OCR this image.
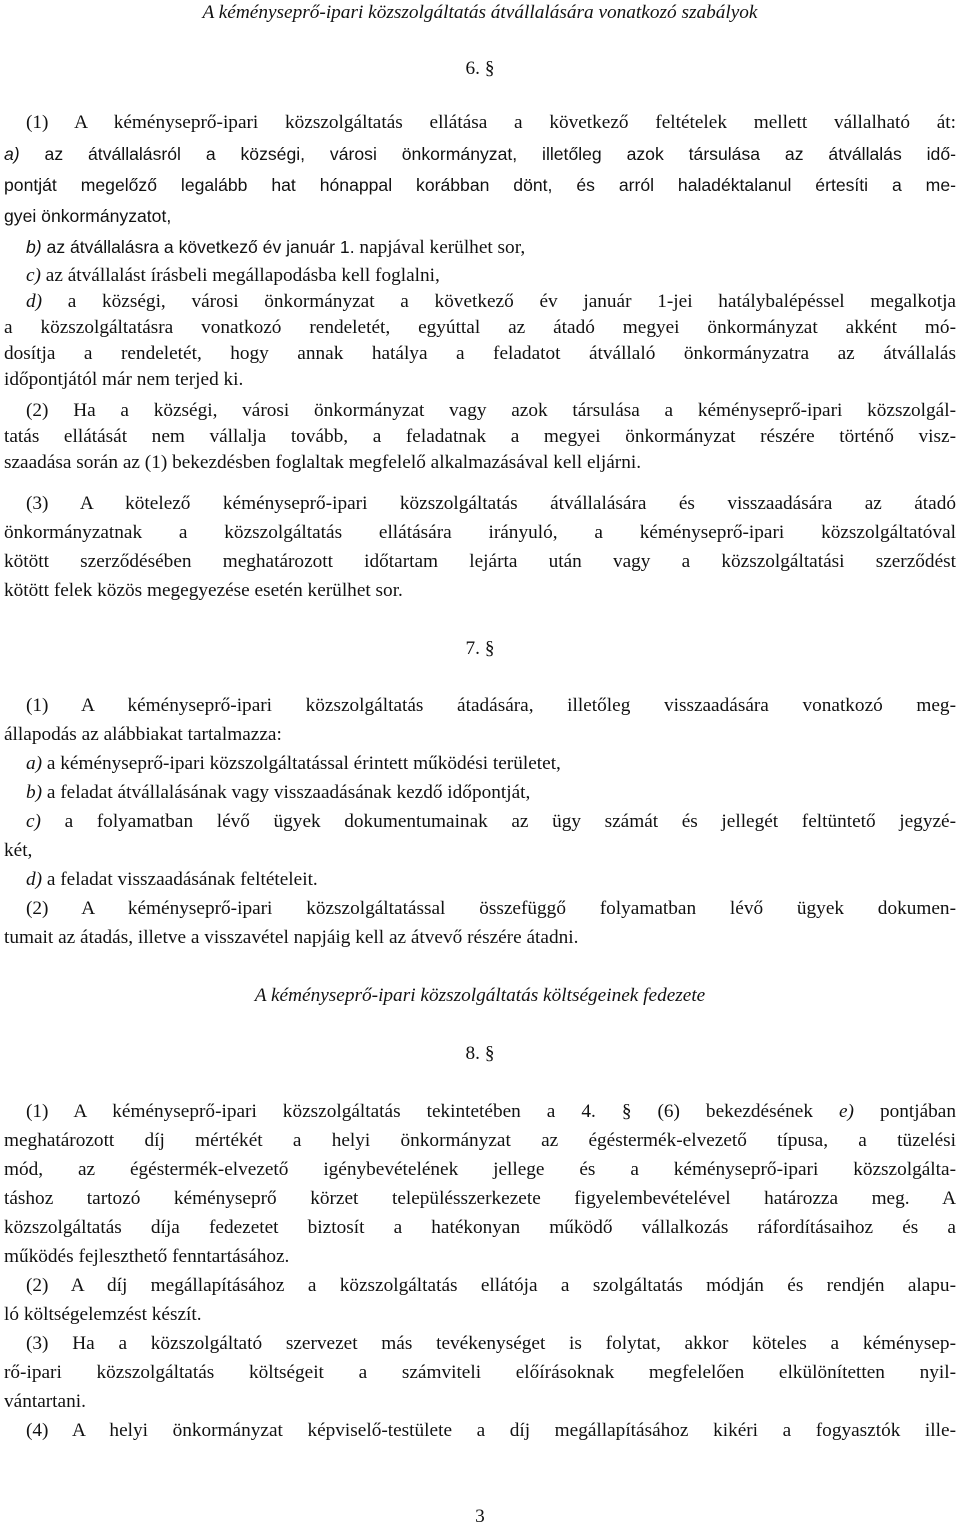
A kéményseprő-ipari közszolgáltatás átvállalására vonatkozó szabályok
6. §
(1) A kéményseprő-ipari közszolgáltatás ellátása a következő feltételek mellett vállalható át:
a) az átvállalásról a községi, városi önkormányzat, illetőleg azok társulása az átvállalás idő-
pontját megelőző legalább hat hónappal korábban dönt, és arról haladéktalanul értesíti a me-
gyei önkormányzatot,
b) az átvállalásra a következő év január 1. napjával kerülhet sor,
c) az átvállalást írásbeli megállapodásba kell foglalni,
d) a községi, városi önkormányzat a következő év január 1-jei hatálybalépéssel megalkotja
a közszolgáltatásra vonatkozó rendeletét, egyúttal az átadó megyei önkormányzat akként mó-
dosítja a rendeletét, hogy annak hatálya a feladatot átvállaló önkormányzatra az átvállalás
időpontjától már nem terjed ki.
(2) Ha a községi, városi önkormányzat vagy azok társulása a kéményseprő-ipari közszolgál-
tatás ellátását nem vállalja tovább, a feladatnak a megyei önkormányzat részére történő visz-
szaadása során az (1) bekezdésben foglaltak megfelelő alkalmazásával kell eljárni.
(3) A kötelező kéményseprő-ipari közszolgáltatás átvállalására és visszaadására az átadó
önkormányzatnak a közszolgáltatás ellátására irányuló, a kéményseprő-ipari közszolgáltatóval
kötött szerződésében meghatározott időtartam lejárta után vagy a közszolgáltatási szerződést
kötött felek közös megegyezése esetén kerülhet sor.
7. §
(1) A kéményseprő-ipari közszolgáltatás átadására, illetőleg visszaadására vonatkozó meg-
állapodás az alábbiakat tartalmazza:
a) a kéményseprő-ipari közszolgáltatással érintett működési területet,
b) a feladat átvállalásának vagy visszaadásának kezdő időpontját,
c) a folyamatban lévő ügyek dokumentumainak az ügy számát és jellegét feltüntető jegyzé-
két,
d) a feladat visszaadásának feltételeit.
(2) A kéményseprő-ipari közszolgáltatással összefüggő folyamatban lévő ügyek dokumen-
tumait az átadás, illetve a visszavétel napjáig kell az átvevő részére átadni.
A kéményseprő-ipari közszolgáltatás költségeinek fedezete
8. §
(1) A kéményseprő-ipari közszolgáltatás tekintetében a 4. § (6) bekezdésének e) pontjában
meghatározott díj mértékét a helyi önkormányzat az égéstermék-elvezető típusa, a tüzelési
mód, az égéstermék-elvezető igénybevételének jellege és a kéményseprő-ipari közszolgálta-
táshoz tartozó kéményseprő körzet településszerkezete figyelembevételével határozza meg. A
közszolgáltatás díja fedezetet biztosít a hatékonyan működő vállalkozás ráfordításaihoz és a
működés fejleszthető fenntartásához.
(2) A díj megállapításához a közszolgáltatás ellátója a szolgáltatás módján és rendjén alapu-
ló költségelemzést készít.
(3) Ha a közszolgáltató szervezet más tevékenységet is folytat, akkor köteles a kéménysep-
rő-ipari közszolgáltatás költségeit a számviteli előírásoknak megfelelően elkülönítetten nyil-
vántartani.
(4) A helyi önkormányzat képviselő-testülete a díj megállapításához kikéri a fogyasztók ille-
3
